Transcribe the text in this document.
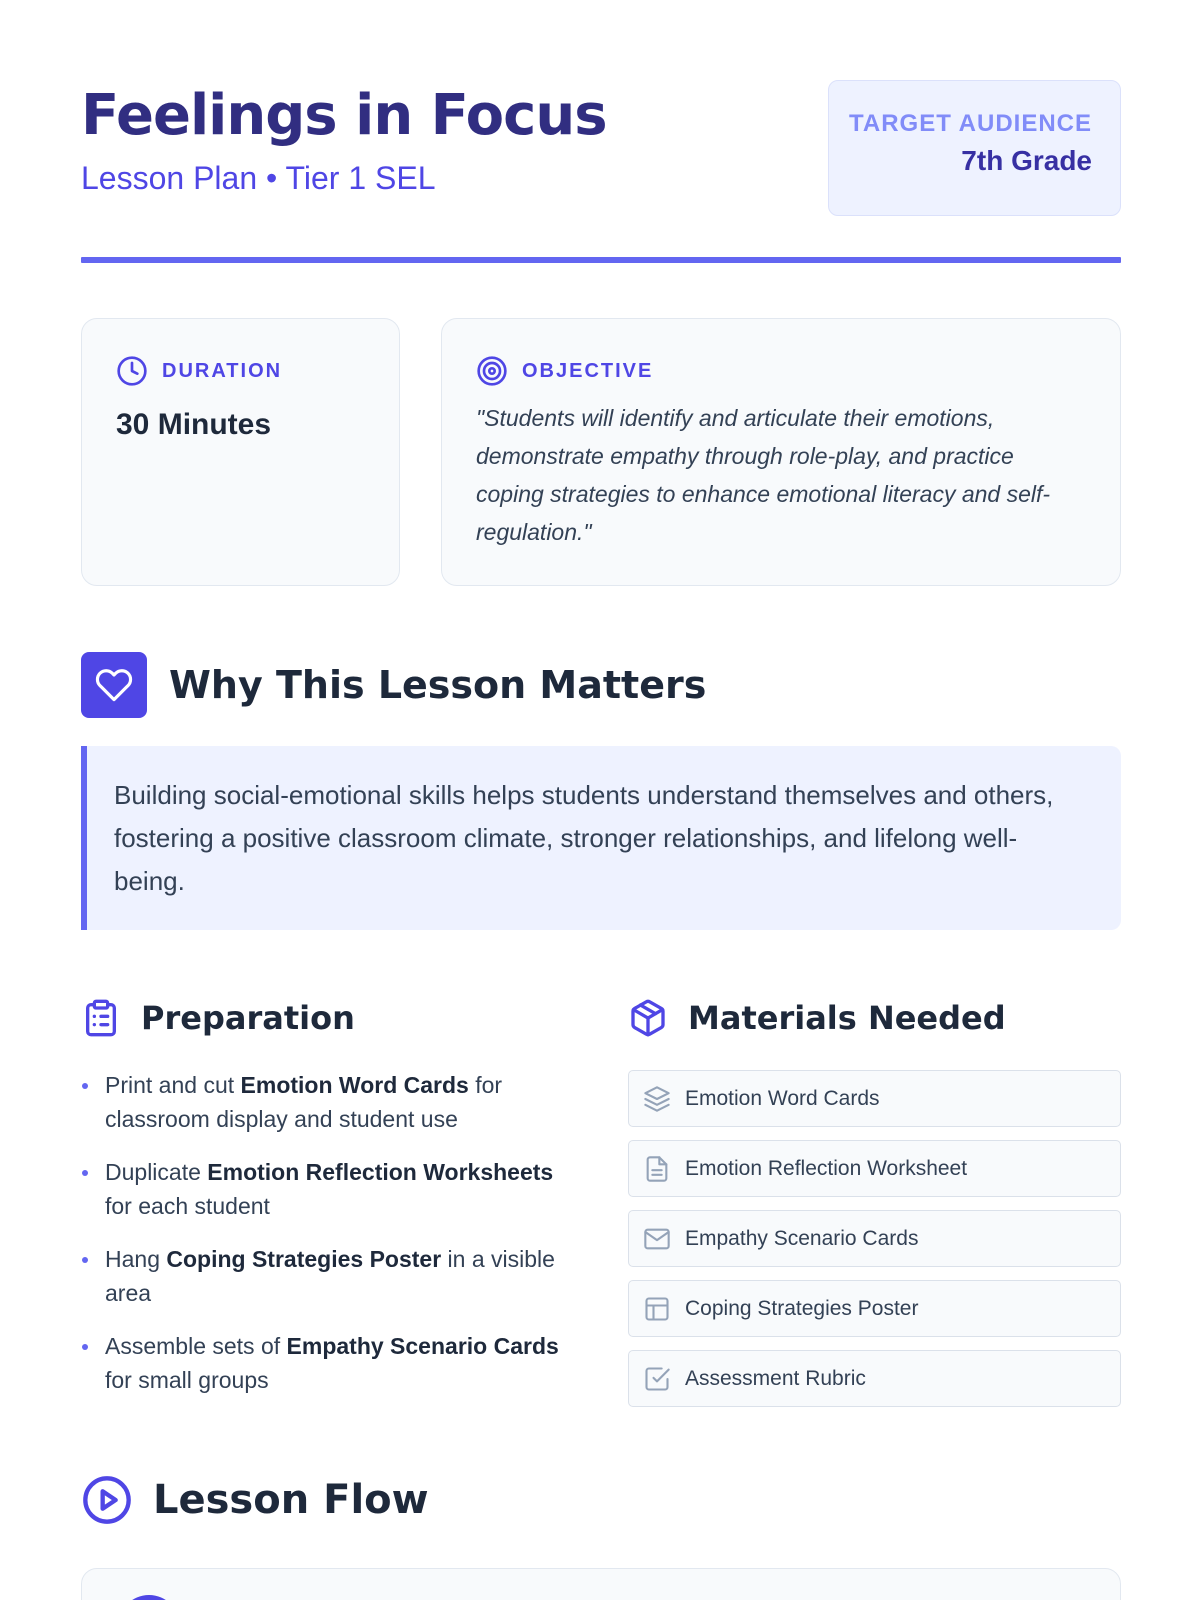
Feelings in Focus
Lesson Plan • Tier 1 SEL
TARGET AUDIENCE
7th Grade
DURATION
30 Minutes
OBJECTIVE

"Students will identify and articulate their emotions, demonstrate empathy through role-play, and practice coping strategies to enhance emotional literacy and self-regulation."

Why This Lesson Matters

Building social-emotional skills helps students understand themselves and others, fostering a positive classroom climate, stronger relationships, and lifelong well-being.

Preparation
Print and cut Emotion Word Cards for classroom display and student use
Duplicate Emotion Reflection Worksheets for each student
Hang Coping Strategies Poster in a visible area
Assemble sets of Empathy Scenario Cards for small groups
Materials Needed
Emotion Word Cards
Emotion Reflection Worksheet
Empathy Scenario Cards
Coping Strategies Poster
Assessment Rubric
Lesson Flow
